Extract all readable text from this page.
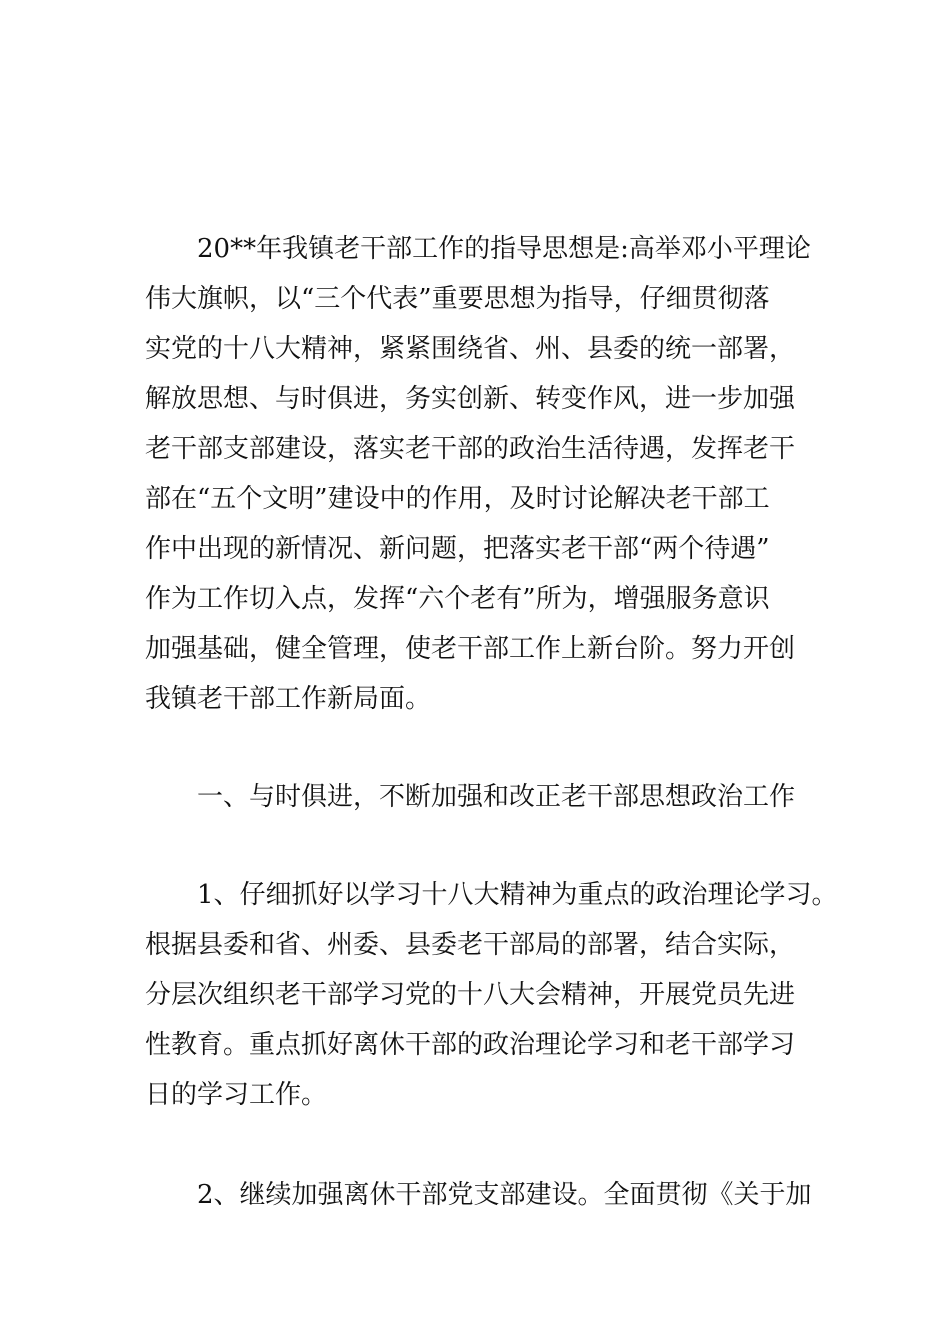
20**年我镇老干部工作的指导思想是:高举邓小平理论
伟大旗帜，以“三个代表”重要思想为指导，仔细贯彻落
实党的十八大精神，紧紧围绕省、州、县委的统一部署，
解放思想、与时俱进，务实创新、转变作风，进一步加强
老干部支部建设，落实老干部的政治生活待遇，发挥老干
部在“五个文明”建设中的作用，及时讨论解决老干部工
作中出现的新情况、新问题，把落实老干部“两个待遇”
作为工作切入点，发挥“六个老有”所为，增强服务意识
加强基础，健全管理，使老干部工作上新台阶。努力开创
我镇老干部工作新局面。
一、与时俱进，不断加强和改正老干部思想政治工作
1、仔细抓好以学习十八大精神为重点的政治理论学习。
根据县委和省、州委、县委老干部局的部署，结合实际，
分层次组织老干部学习党的十八大会精神，开展党员先进
性教育。重点抓好离休干部的政治理论学习和老干部学习
日的学习工作。
2、继续加强离休干部党支部建设。全面贯彻《关于加
